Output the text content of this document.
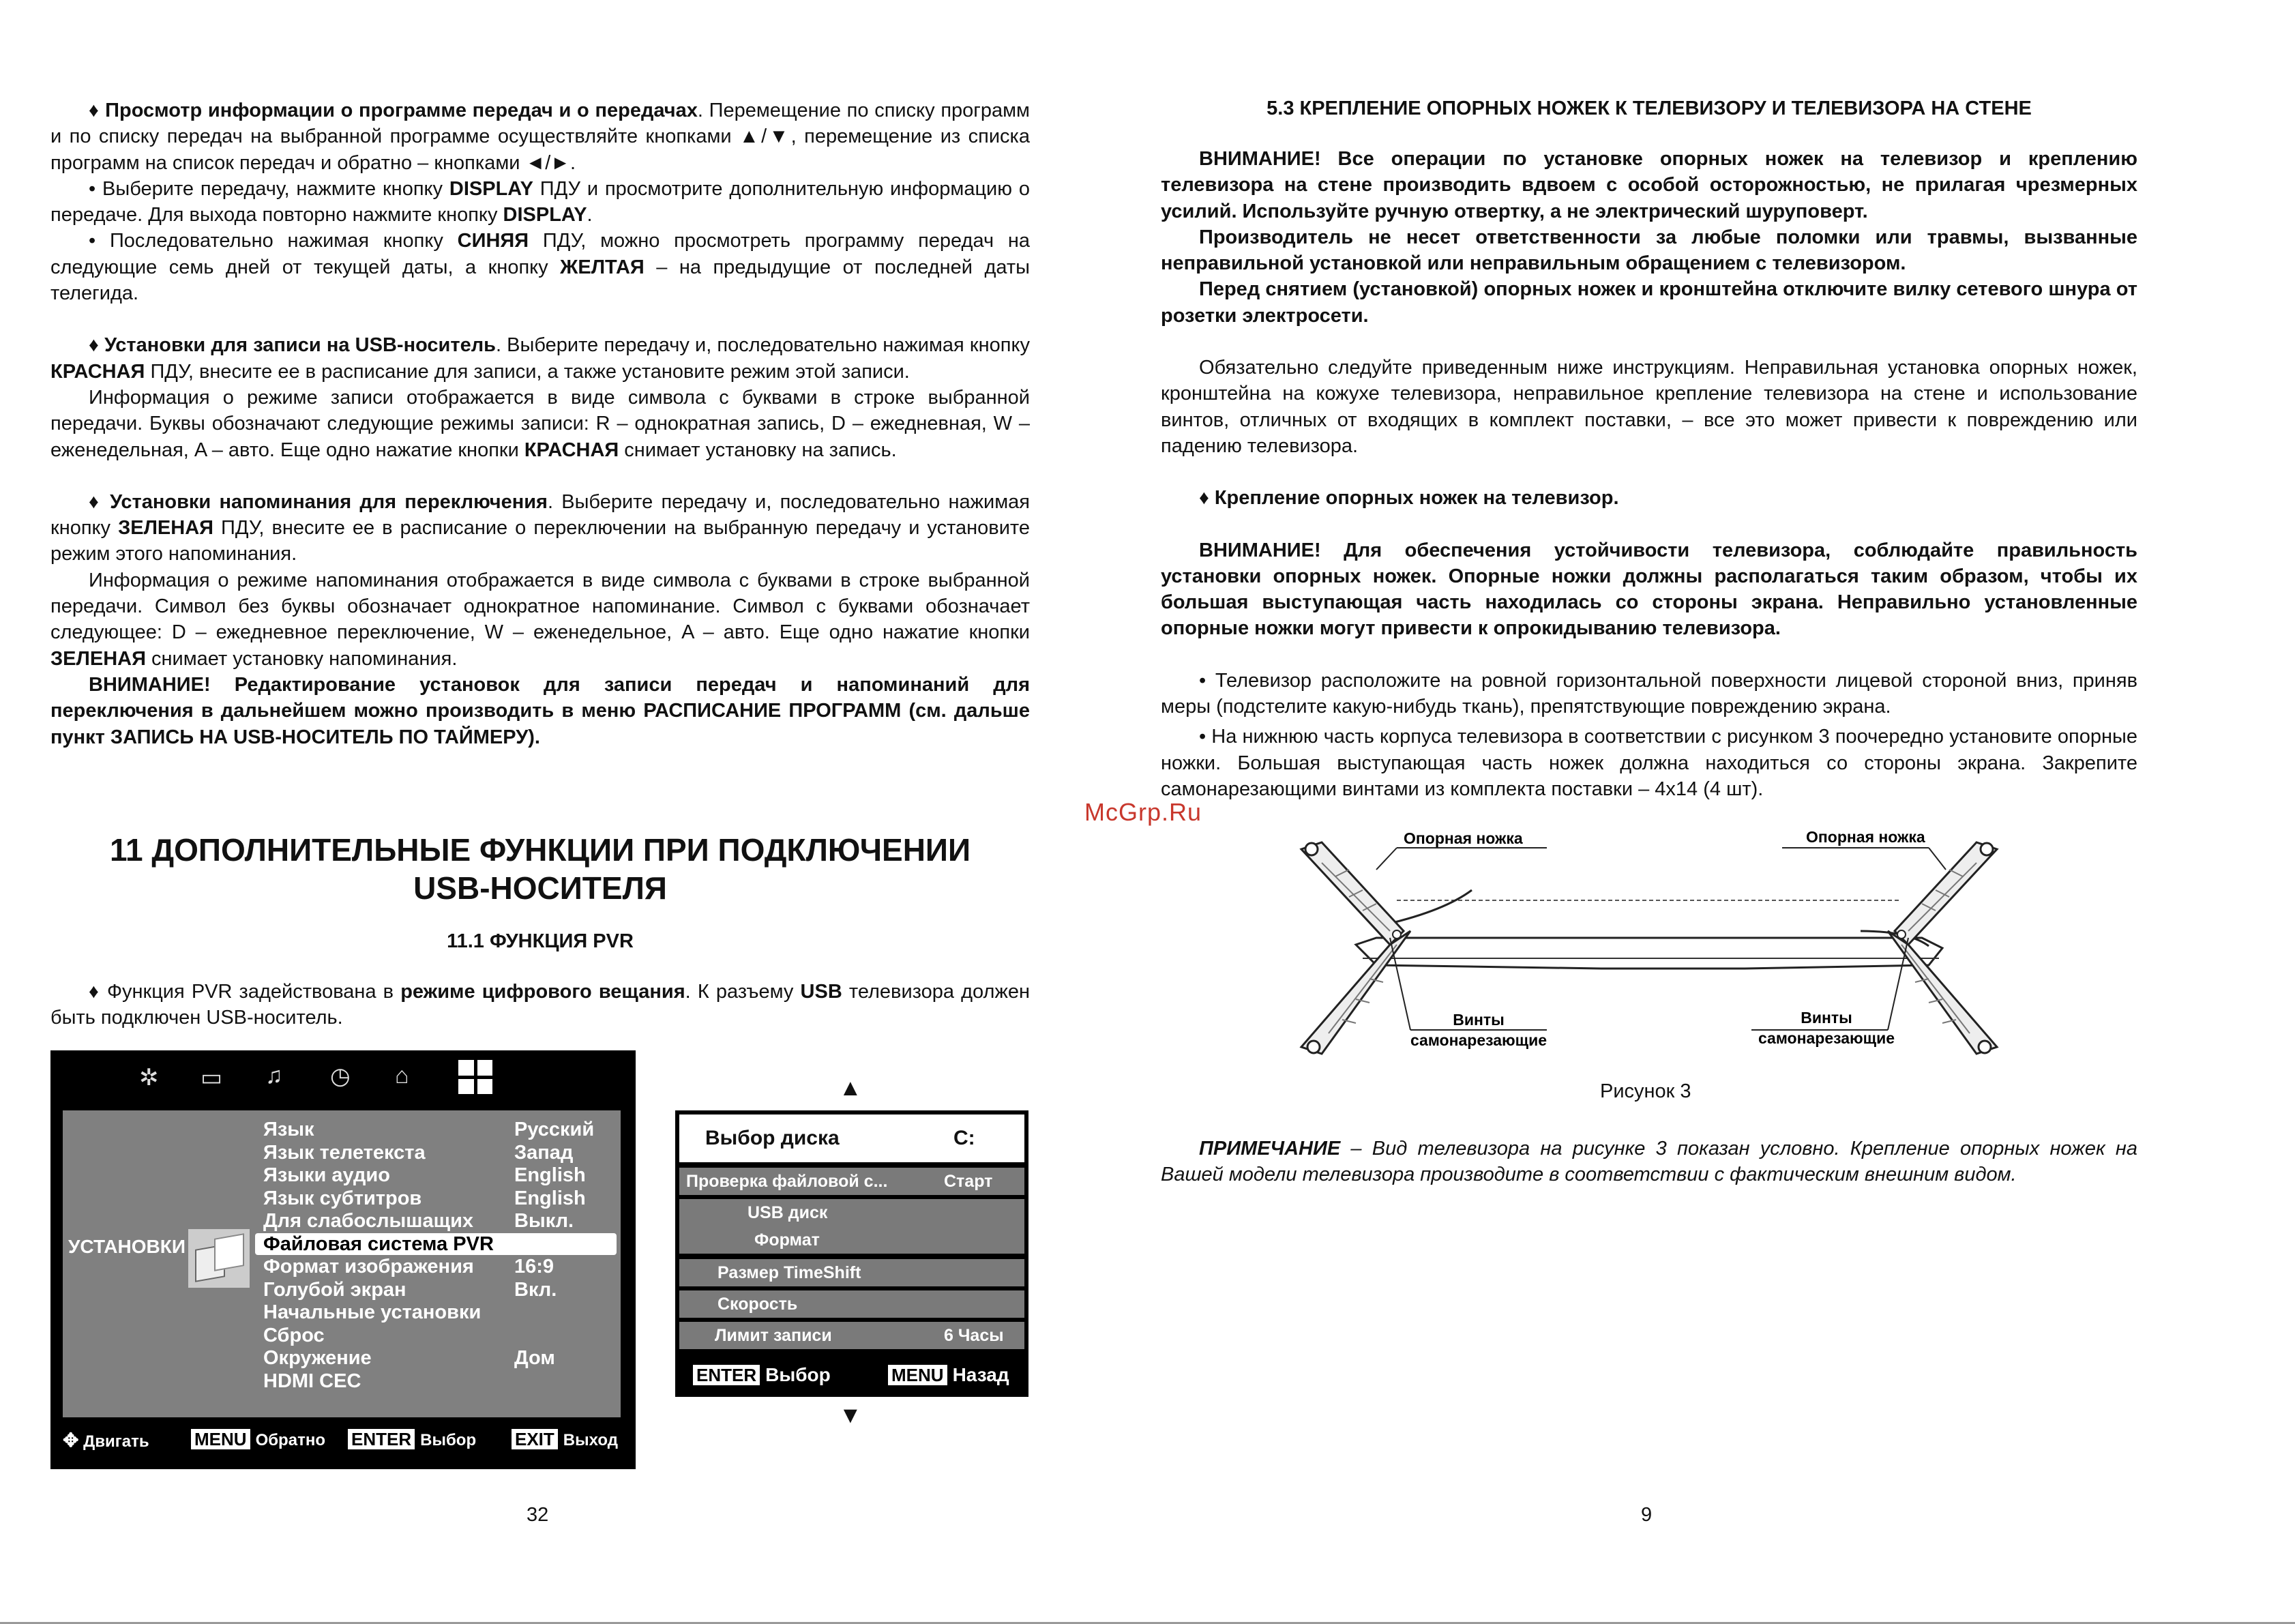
♦ Просмотр информации о программе передач и о передачах. Перемещение по списку программ и по списку передач на выбранной программе осуществляйте кнопками ▲/▼, перемещение из списка программ на список передач и обратно – кнопками ◄/►.

• Выберите передачу, нажмите кнопку DISPLAY ПДУ и просмотрите дополнительную информацию о передаче. Для выхода повторно нажмите кнопку DISPLAY.

• Последовательно нажимая кнопку СИНЯЯ ПДУ, можно просмотреть программу передач на следующие семь дней от текущей даты, а кнопку ЖЕЛТАЯ – на предыдущие от последней даты телегида.

♦ Установки для записи на USB-носитель. Выберите передачу и, последовательно нажимая кнопку КРАСНАЯ ПДУ, внесите ее в расписание для записи, а также установите режим этой записи.

Информация о режиме записи отображается в виде символа с буквами в строке выбранной передачи. Буквы обозначают следующие режимы записи: R – однократная запись, D – ежедневная, W – еженедельная, A – авто. Еще одно нажатие кнопки КРАСНАЯ снимает установку на запись.

♦ Установки напоминания для переключения. Выберите передачу и, последовательно нажимая кнопку ЗЕЛЕНАЯ ПДУ, внесите ее в расписание о переключении на выбранную передачу и установите режим этого напоминания.

Информация о режиме напоминания отображается в виде символа с буквами в строке выбранной передачи. Символ без буквы обозначает однократное напоминание. Символ с буквами обозначает следующее: D – ежедневное переключение, W – еженедельное, A – авто. Еще одно нажатие кнопки ЗЕЛЕНАЯ снимает установку напоминания.

ВНИМАНИЕ! Редактирование установок для записи передач и напоминаний для переключения в дальнейшем можно производить в меню РАСПИСАНИЕ ПРОГРАММ (см. дальше пункт ЗАПИСЬ НА USB-НОСИТЕЛЬ ПО ТАЙМЕРУ).

11 ДОПОЛНИТЕЛЬНЫЕ ФУНКЦИИ ПРИ ПОДКЛЮЧЕНИИ
USB-НОСИТЕЛЯ

11.1 ФУНКЦИЯ PVR

♦ Функция PVR задействована в режиме цифрового вещания. К разъему USB телевизора должен быть подключен USB-носитель.

✲ ▭ ♫ ◷ ⌂
УСТАНОВКИ
Язык	Русский
Язык телетекста	Запад
Языки аудио	English
Язык субтитров	English
Для слабослышащих Выкл.
Файловая система PVR
Формат изображения 16:9
Голубой экран	Вкл.
Начальные установки
Сброс
Окружение	Дом
HDMI CEC
✥ Двигать	MENU Обратно ENTER Выбор EXIT Выход
▲
Выбор диска	C:
Проверка файловой с...	Старт
USB диск
Формат
Размер TimeShift
Скорость
Лимит записи	6 Часы
ENTER Выбор	MENU Назад
▼
32

5.3 КРЕПЛЕНИЕ ОПОРНЫХ НОЖЕК К ТЕЛЕВИЗОРУ И ТЕЛЕВИЗОРА НА СТЕНЕ

ВНИМАНИЕ! Все операции по установке опорных ножек на телевизор и креплению телевизора на стене производить вдвоем с особой осторожностью, не прилагая чрезмерных усилий. Используйте ручную отвертку, а не электрический шуруповерт.

Производитель не несет ответственности за любые поломки или травмы, вызванные неправильной установкой или неправильным обращением с телевизором.

Перед снятием (установкой) опорных ножек и кронштейна отключите вилку сетевого шнура от розетки электросети.

Обязательно следуйте приведенным ниже инструкциям. Неправильная установка опорных ножек, кронштейна на кожухе телевизора, неправильное крепление телевизора на стене и использование винтов, отличных от входящих в комплект поставки, – все это может привести к повреждению или падению телевизора.

♦ Крепление опорных ножек на телевизор.

ВНИМАНИЕ! Для обеспечения устойчивости телевизора, соблюдайте правильность установки опорных ножек. Опорные ножки должны располагаться таким образом, чтобы их большая выступающая часть находилась со стороны экрана. Неправильно установленные опорные ножки могут привести к опрокидыванию телевизора.

• Телевизор расположите на ровной горизонтальной поверхности лицевой стороной вниз, приняв меры (подстелите какую-нибудь ткань), препятствующие повреждению экрана.

• На нижнюю часть корпуса телевизора в соответствии с рисунком 3 поочередно установите опорные ножки. Большая выступающая часть ножек должна находиться со стороны экрана. Закрепите самонарезающими винтами из комплекта поставки – 4x14 (4 шт).

Опорная ножка	Опорная ножка
Винты
самонарезающие
Винты
самонарезающие
Рисунок 3

ПРИМЕЧАНИЕ – Вид телевизора на рисунке 3 показан условно. Крепление опорных ножек на Вашей модели телевизора производите в соответствии с фактическим внешним видом.

9
McGrp.Ru
